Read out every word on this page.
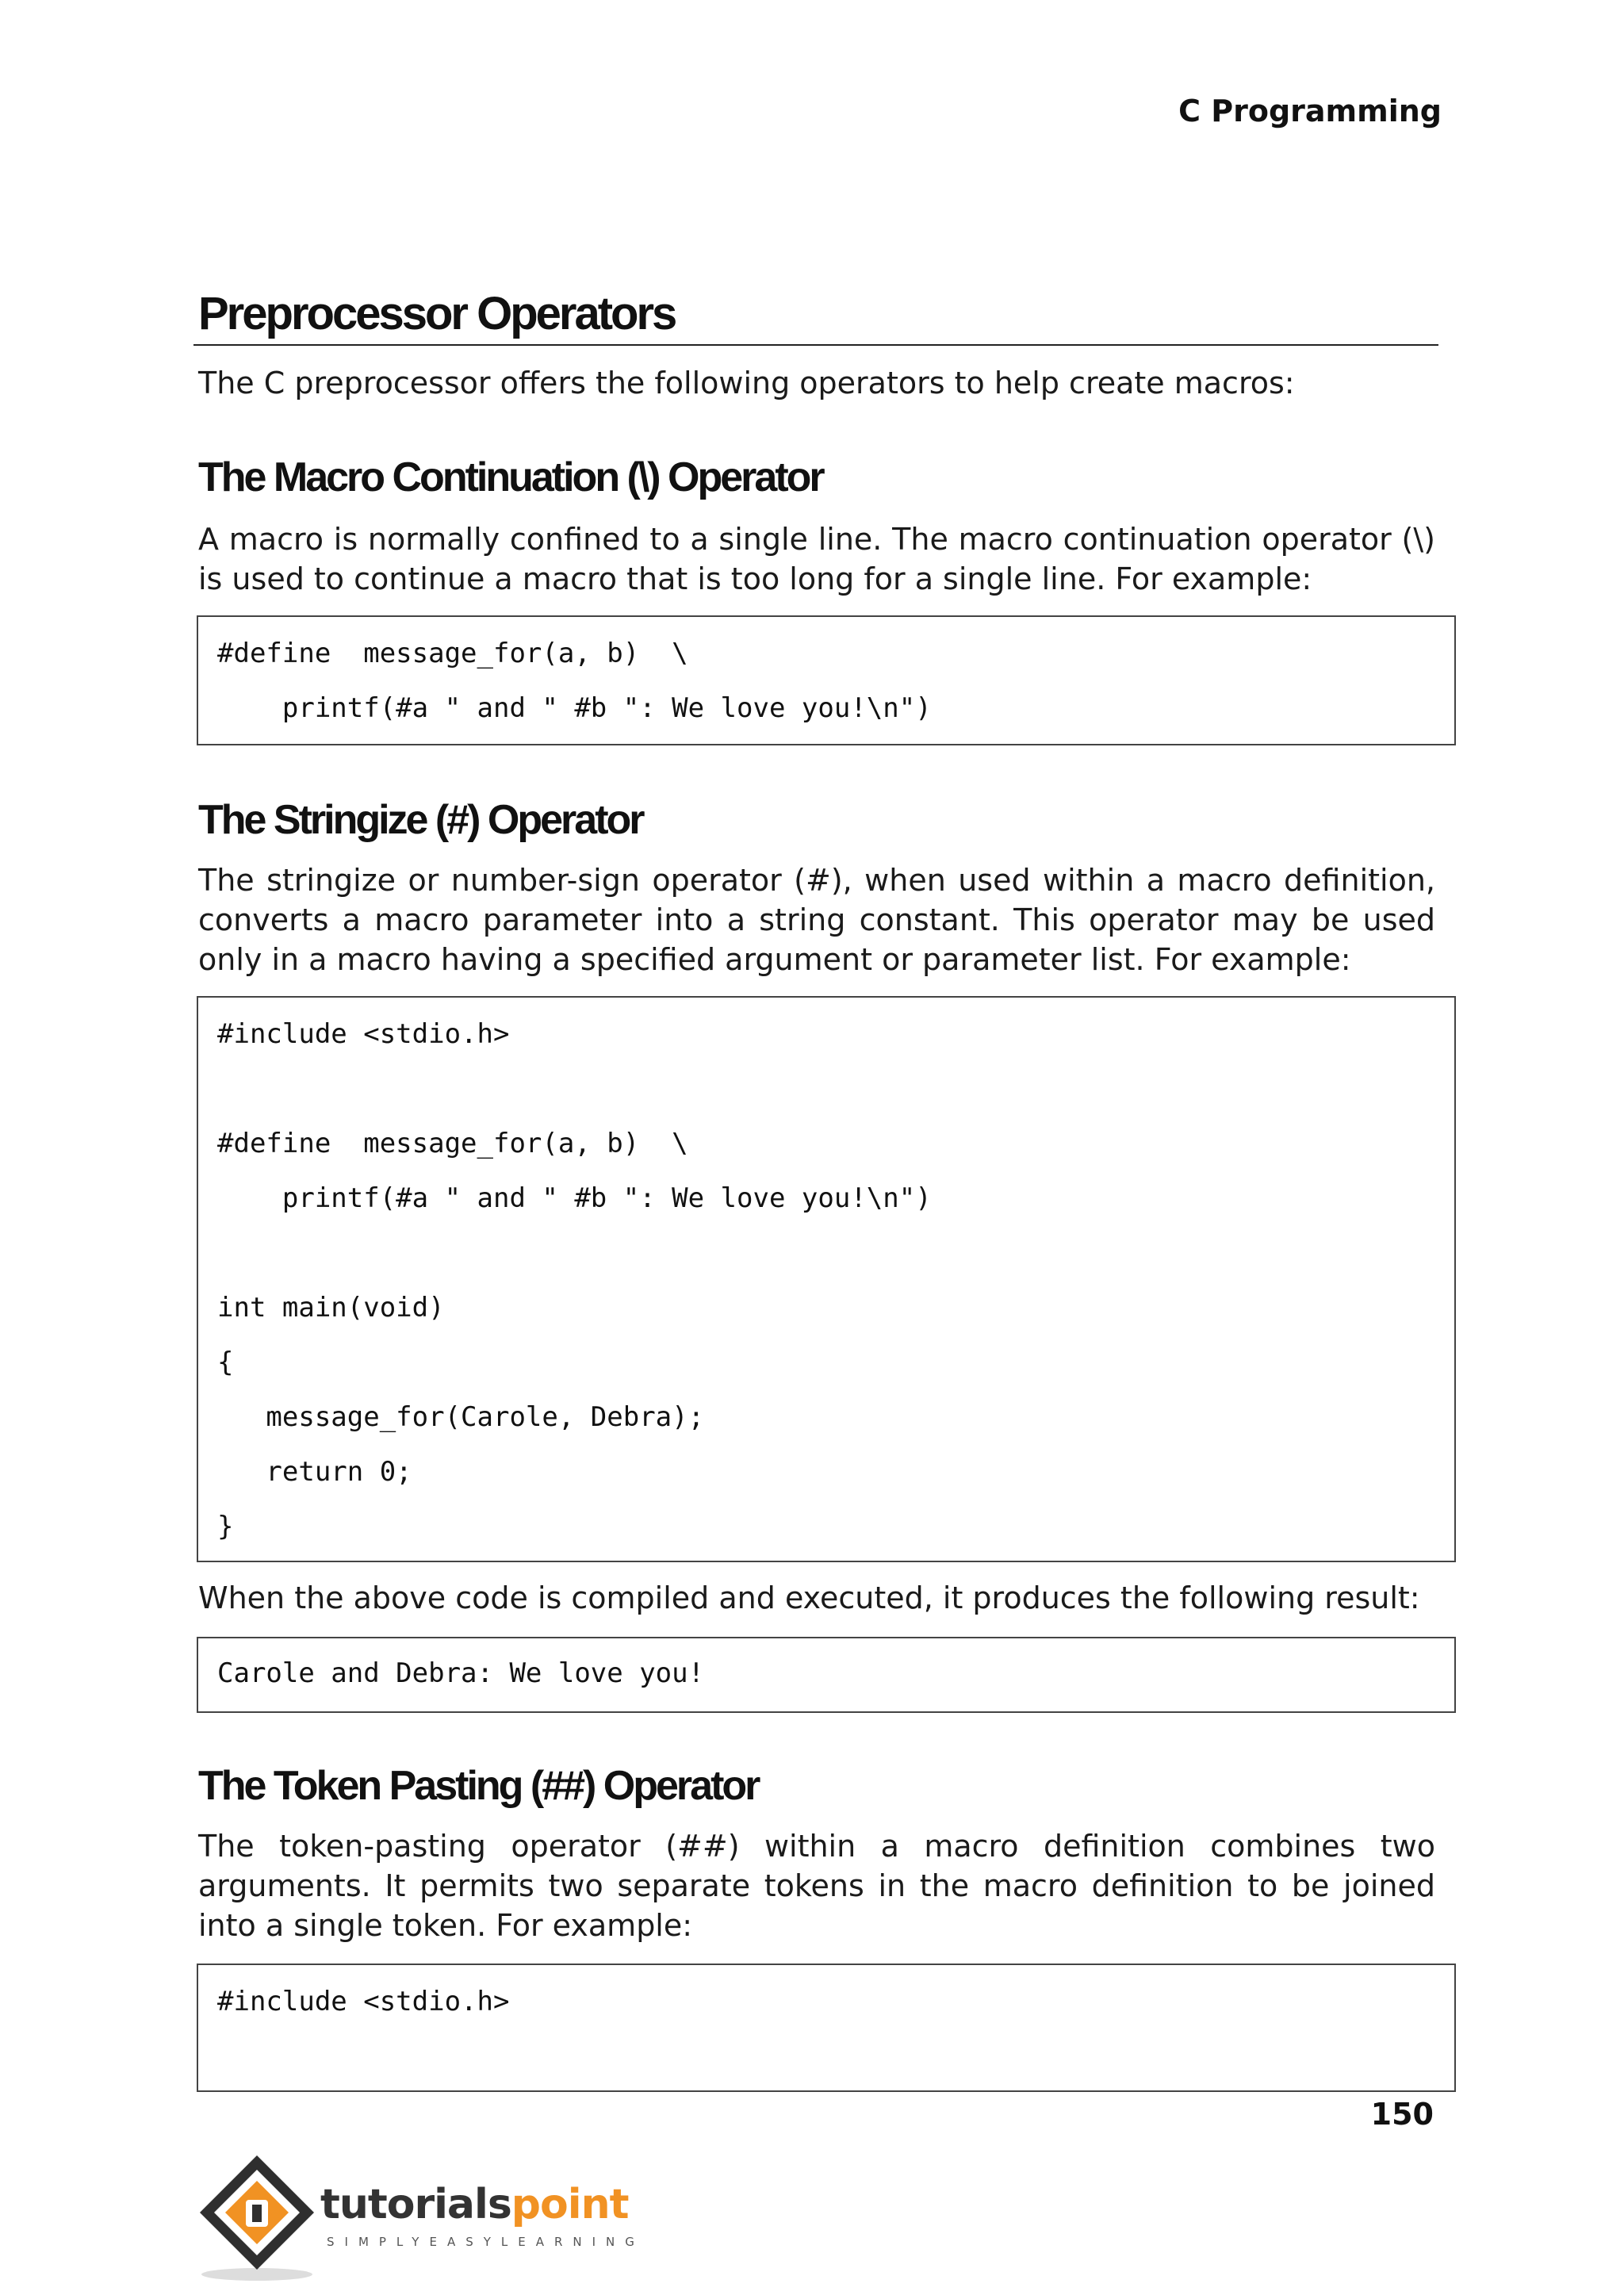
C Programming
Preprocessor Operators

The C preprocessor offers the following operators to help create macros:

The Macro Continuation (\) Operator

A macro is normally confined to a single line. The macro continuation operator (\) is used to continue a macro that is too long for a single line. For example:

#define  message_for(a, b)  \
printf(#a " and " #b ": We love you!\n")
The Stringize (#) Operator

The stringize or number-sign operator (#), when used within a macro definition, converts a macro parameter into a string constant. This operator may be used only in a macro having a specified argument or parameter list. For example:

#include <stdio.h>
#define  message_for(a, b)  \
printf(#a " and " #b ": We love you!\n")
int main(void)
{
message_for(Carole, Debra);
return 0;
}

When the above code is compiled and executed, it produces the following result:

Carole and Debra: We love you!
The Token Pasting (##) Operator

The token-pasting operator (##) within a macro definition combines two arguments. It permits two separate tokens in the macro definition to be joined into a single token. For example:

#include <stdio.h>
150
tutorialspoint
SIMPLYEASYLEARNING
